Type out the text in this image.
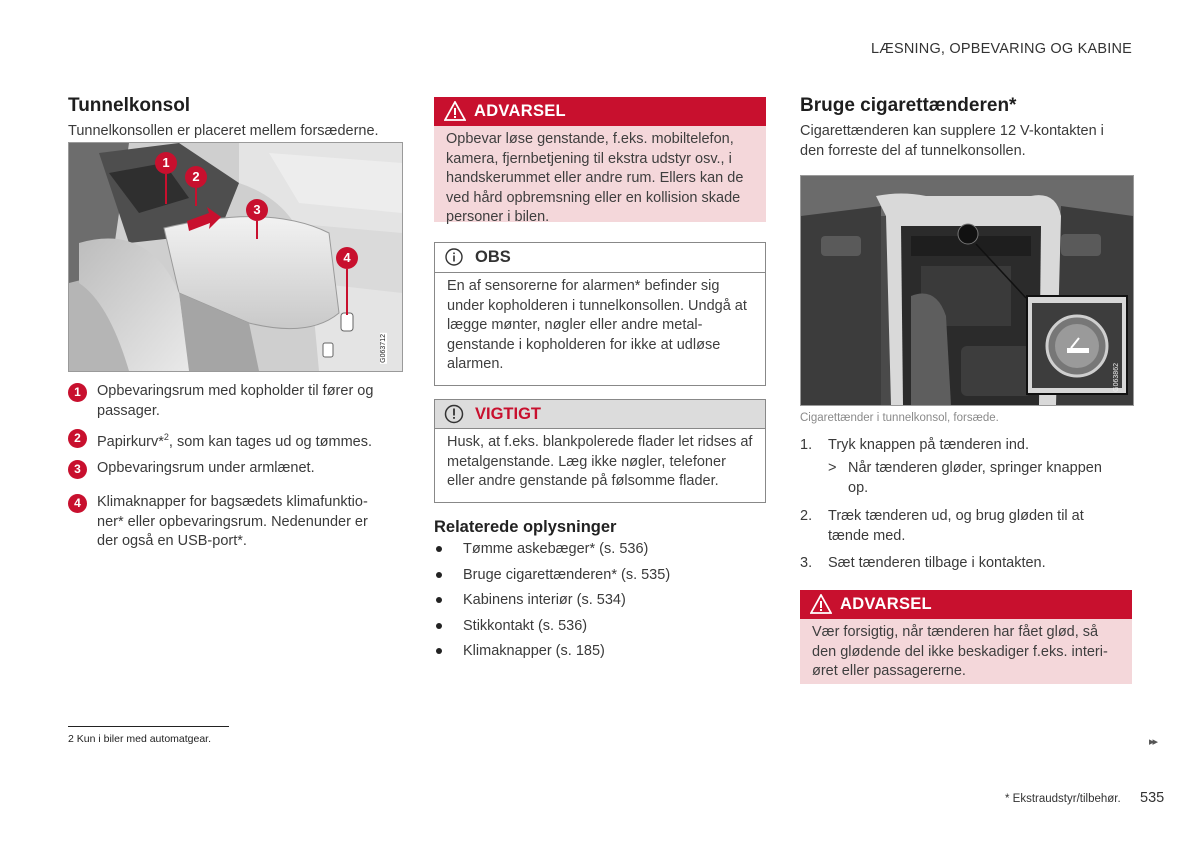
LÆSNING, OPBEVARING OG KABINE
Tunnelkonsol

Tunnelkonsollen er placeret mellem forsæderne.

1
2
3
4
G063712
1	Opbevaringsrum med kopholder til fører og passager.
2	Papirkurv*$^2$, som kan tages ud og tømmes.
3	Opbevaringsrum under armlænet.
4	Klimaknapper for bagsædets klimafunktio-ner* eller opbevaringsrum. Nedenunder er der også en USB-port*.
ADVARSEL
Opbevar løse genstande, f.eks. mobiltelefon, kamera, fjernbetjening til ekstra udstyr osv., i handskerummet eller andre rum. Ellers kan de ved hård opbremsning eller en kollision skade personer i bilen.
OBS
En af sensorerne for alarmen* befinder sig under kopholderen i tunnelkonsollen. Undgå at lægge mønter, nøgler eller andre metal-genstande i kopholderen for ikke at udløse alarmen.
VIGTIGT
Husk, at f.eks. blankpolerede flader let ridses af metalgenstande. Læg ikke nøgler, telefoner eller andre genstande på følsomme flader.
Relaterede oplysninger
Tømme askebæger* (s. 536)
Bruge cigarettænderen* (s. 535)
Kabinens interiør (s. 534)
Stikkontakt (s. 536)
Klimaknapper (s. 185)
Bruge cigarettænderen*

Cigarettænderen kan supplere 12 V-kontakten i den forreste del af tunnelkonsollen.

G063862
Cigarettænder i tunnelkonsol, forsæde.
1. Tryk knappen på tænderen ind.
> Når tænderen gløder, springer knappen op.
2. Træk tænderen ud, og brug gløden til at tænde med.
3. Sæt tænderen tilbage i kontakten.
ADVARSEL
Vær forsigtig, når tænderen har fået glød, så den glødende del ikke beskadiger f.eks. interi-øret eller passagererne.
2 Kun i biler med automatgear.	▸▸
* Ekstraudstyr/tilbehør. 535
